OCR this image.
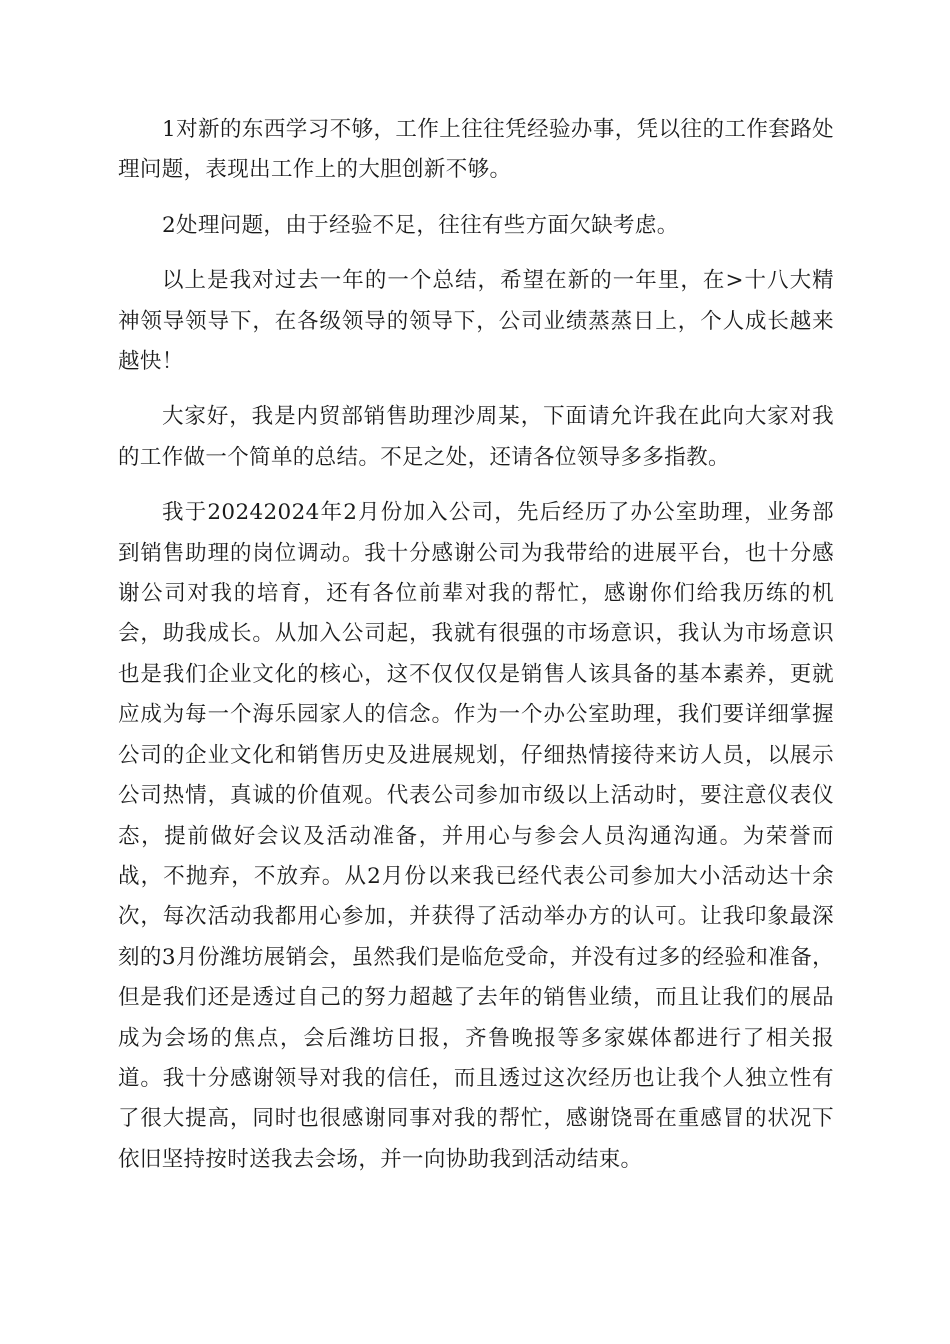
1对新的东西学习不够，工作上往往凭经验办事，凭以往的工作套路处理问题，表现出工作上的大胆创新不够。

2处理问题，由于经验不足，往往有些方面欠缺考虑。

以上是我对过去一年的一个总结，希望在新的一年里，在>十八大精神领导领导下，在各级领导的领导下，公司业绩蒸蒸日上，个人成长越来越快！

大家好，我是内贸部销售助理沙周某，下面请允许我在此向大家对我的工作做一个简单的总结。不足之处，还请各位领导多多指教。

我于20242024年2月份加入公司，先后经历了办公室助理，业务部到销售助理的岗位调动。我十分感谢公司为我带给的进展平台，也十分感谢公司对我的培育，还有各位前辈对我的帮忙，感谢你们给我历练的机会，助我成长。从加入公司起，我就有很强的市场意识，我认为市场意识也是我们企业文化的核心，这不仅仅仅是销售人该具备的基本素养，更就应成为每一个海乐园家人的信念。作为一个办公室助理，我们要详细掌握公司的企业文化和销售历史及进展规划，仔细热情接待来访人员，以展示公司热情，真诚的价值观。代表公司参加市级以上活动时，要注意仪表仪态，提前做好会议及活动准备，并用心与参会人员沟通沟通。为荣誉而战，不抛弃，不放弃。从2月份以来我已经代表公司参加大小活动达十余次，每次活动我都用心参加，并获得了活动举办方的认可。让我印象最深刻的3月份潍坊展销会，虽然我们是临危受命，并没有过多的经验和准备，但是我们还是透过自己的努力超越了去年的销售业绩，而且让我们的展品成为会场的焦点，会后潍坊日报，齐鲁晚报等多家媒体都进行了相关报道。我十分感谢领导对我的信任，而且透过这次经历也让我个人独立性有了很大提高，同时也很感谢同事对我的帮忙，感谢饶哥在重感冒的状况下依旧坚持按时送我去会场，并一向协助我到活动结束。
